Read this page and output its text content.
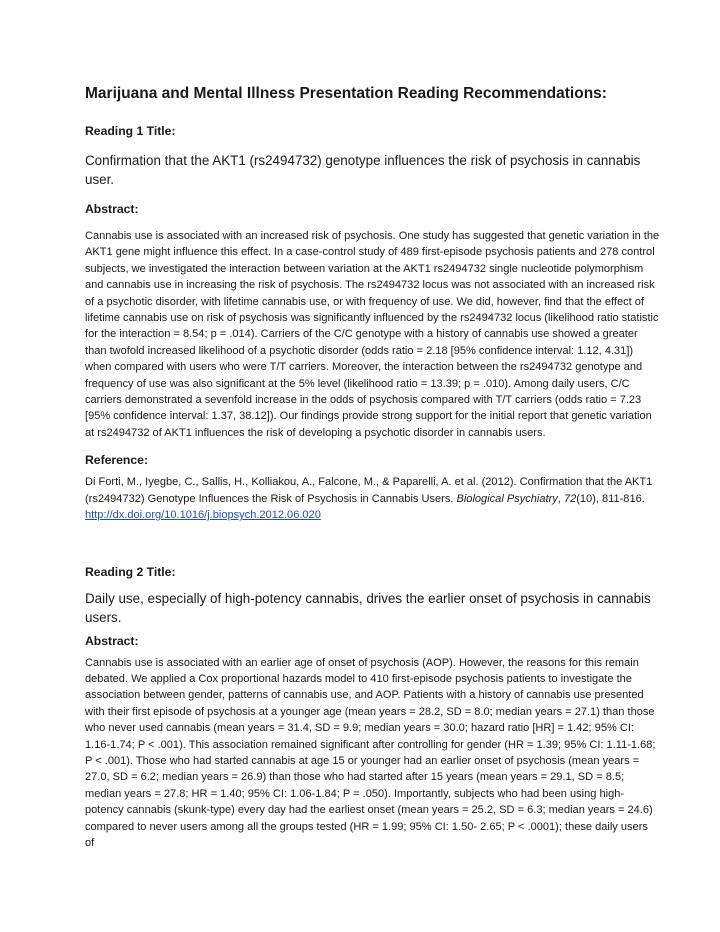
Marijuana and Mental Illness Presentation Reading Recommendations:

Reading 1 Title:

Confirmation that the AKT1 (rs2494732) genotype influences the risk of psychosis in cannabis user.

Abstract:

Cannabis use is associated with an increased risk of psychosis. One study has suggested that genetic variation in the AKT1 gene might influence this effect. In a case-control study of 489 first-episode psychosis patients and 278 control subjects, we investigated the interaction between variation at the AKT1 rs2494732 single nucleotide polymorphism and cannabis use in increasing the risk of psychosis. The rs2494732 locus was not associated with an increased risk of a psychotic disorder, with lifetime cannabis use, or with frequency of use. We did, however, find that the effect of lifetime cannabis use on risk of psychosis was significantly influenced by the rs2494732 locus (likelihood ratio statistic for the interaction = 8.54; p = .014). Carriers of the C/C genotype with a history of cannabis use showed a greater than twofold increased likelihood of a psychotic disorder (odds ratio = 2.18 [95% confidence interval: 1.12, 4.31]) when compared with users who were T/T carriers. Moreover, the interaction between the rs2494732 genotype and frequency of use was also significant at the 5% level (likelihood ratio = 13.39; p = .010). Among daily users, C/C carriers demonstrated a sevenfold increase in the odds of psychosis compared with T/T carriers (odds ratio = 7.23 [95% confidence interval: 1.37, 38.12]). Our findings provide strong support for the initial report that genetic variation at rs2494732 of AKT1 influences the risk of developing a psychotic disorder in cannabis users.

Reference:

Di Forti, M., Iyegbe, C., Sallis, H., Kolliakou, A., Falcone, M., & Paparelli, A. et al. (2012). Confirmation that the AKT1 (rs2494732) Genotype Influences the Risk of Psychosis in Cannabis Users. Biological Psychiatry, 72(10), 811-816. http://dx.doi.org/10.1016/j.biopsych.2012.06.020

Reading 2 Title:

Daily use, especially of high-potency cannabis, drives the earlier onset of psychosis in cannabis users.

Abstract:

Cannabis use is associated with an earlier age of onset of psychosis (AOP). However, the reasons for this remain debated. We applied a Cox proportional hazards model to 410 first-episode psychosis patients to investigate the association between gender, patterns of cannabis use, and AOP. Patients with a history of cannabis use presented with their first episode of psychosis at a younger age (mean years = 28.2, SD = 8.0; median years = 27.1) than those who never used cannabis (mean years = 31.4, SD = 9.9; median years = 30.0; hazard ratio [HR] = 1.42; 95% CI: 1.16-1.74; P < .001). This association remained significant after controlling for gender (HR = 1.39; 95% CI: 1.11-1.68; P < .001). Those who had started cannabis at age 15 or younger had an earlier onset of psychosis (mean years = 27.0, SD = 6.2; median years = 26.9) than those who had started after 15 years (mean years = 29.1, SD = 8.5; median years = 27.8; HR = 1.40; 95% CI: 1.06-1.84; P = .050). Importantly, subjects who had been using high-potency cannabis (skunk-type) every day had the earliest onset (mean years = 25.2, SD = 6.3; median years = 24.6) compared to never users among all the groups tested (HR = 1.99; 95% CI: 1.50- 2.65; P < .0001); these daily users of
